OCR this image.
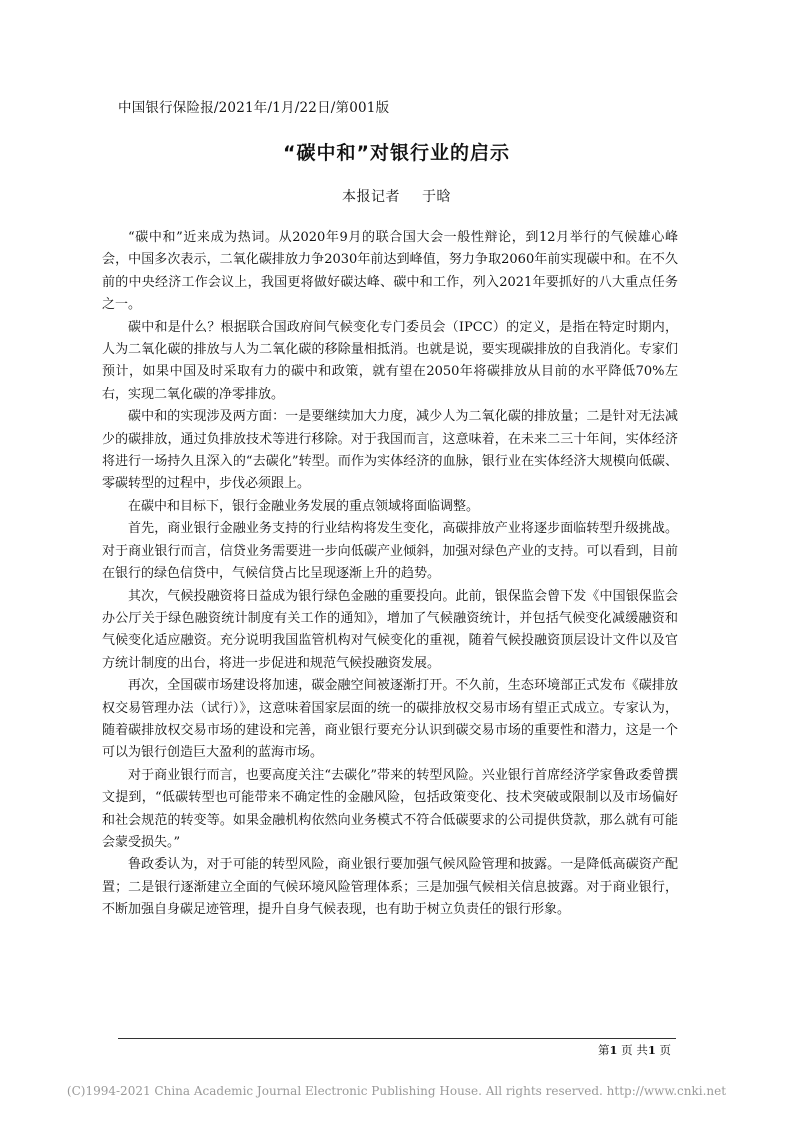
中国银行保险报/2021年/1月/22日/第001版
“碳中和”对银行业的启示
本报记者 于晗

“碳中和”近来成为热词。从2020年9月的联合国大会一般性辩论，到12月举行的气候雄心峰会，中国多次表示，二氧化碳排放力争2030年前达到峰值，努力争取2060年前实现碳中和。在不久前的中央经济工作会议上，我国更将做好碳达峰、碳中和工作，列入2021年要抓好的八大重点任务之一。

碳中和是什么？根据联合国政府间气候变化专门委员会（IPCC）的定义，是指在特定时期内，人为二氧化碳的排放与人为二氧化碳的移除量相抵消。也就是说，要实现碳排放的自我消化。专家们预计，如果中国及时采取有力的碳中和政策，就有望在2050年将碳排放从目前的水平降低70%左右，实现二氧化碳的净零排放。

碳中和的实现涉及两方面：一是要继续加大力度，减少人为二氧化碳的排放量；二是针对无法减少的碳排放，通过负排放技术等进行移除。对于我国而言，这意味着，在未来二三十年间，实体经济将进行一场持久且深入的“去碳化”转型。而作为实体经济的血脉，银行业在实体经济大规模向低碳、零碳转型的过程中，步伐必须跟上。

在碳中和目标下，银行金融业务发展的重点领域将面临调整。

首先，商业银行金融业务支持的行业结构将发生变化，高碳排放产业将逐步面临转型升级挑战。对于商业银行而言，信贷业务需要进一步向低碳产业倾斜，加强对绿色产业的支持。可以看到，目前在银行的绿色信贷中，气候信贷占比呈现逐渐上升的趋势。

其次，气候投融资将日益成为银行绿色金融的重要投向。此前，银保监会曾下发《中国银保监会办公厅关于绿色融资统计制度有关工作的通知》，增加了气候融资统计，并包括气候变化减缓融资和气候变化适应融资。充分说明我国监管机构对气候变化的重视，随着气候投融资顶层设计文件以及官方统计制度的出台，将进一步促进和规范气候投融资发展。

再次，全国碳市场建设将加速，碳金融空间被逐渐打开。不久前，生态环境部正式发布《碳排放权交易管理办法（试行）》，这意味着国家层面的统一的碳排放权交易市场有望正式成立。专家认为，随着碳排放权交易市场的建设和完善，商业银行要充分认识到碳交易市场的重要性和潜力，这是一个可以为银行创造巨大盈利的蓝海市场。

对于商业银行而言，也要高度关注“去碳化”带来的转型风险。兴业银行首席经济学家鲁政委曾撰文提到，“低碳转型也可能带来不确定性的金融风险，包括政策变化、技术突破或限制以及市场偏好和社会规范的转变等。如果金融机构依然向业务模式不符合低碳要求的公司提供贷款，那么就有可能会蒙受损失。”

鲁政委认为，对于可能的转型风险，商业银行要加强气候风险管理和披露。一是降低高碳资产配置；二是银行逐渐建立全面的气候环境风险管理体系；三是加强气候相关信息披露。对于商业银行，不断加强自身碳足迹管理，提升自身气候表现，也有助于树立负责任的银行形象。

第1 页 共1 页
(C)1994-2021 China Academic Journal Electronic Publishing House. All rights reserved. http://www.cnki.net
